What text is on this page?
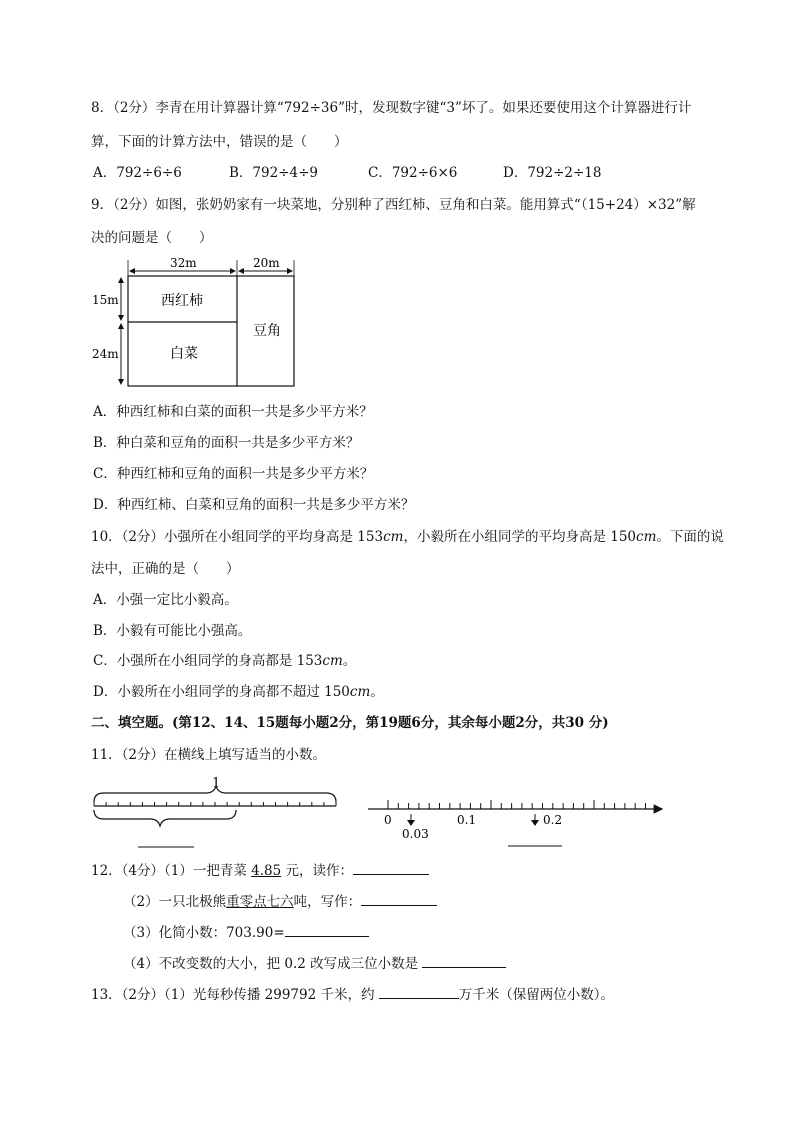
8．（2分）李青在用计算器计算“792÷36”时，发现数字键“3”坏了。如果还要使用这个计算器进行计
算，下面的计算方法中，错误的是（　　）
A．792÷6÷6	B．792÷4÷9	C．792÷6×6	D．792÷2÷18
9．（2分）如图，张奶奶家有一块菜地，分别种了西红柿、豆角和白菜。能用算式“（15+24）×32”解
决的问题是（　　）
32m	20m
15m
24m
西红柿
白菜
豆角
A．种西红柿和白菜的面积一共是多少平方米？
B．种白菜和豆角的面积一共是多少平方米？
C．种西红柿和豆角的面积一共是多少平方米？
D．种西红柿、白菜和豆角的面积一共是多少平方米？
10．（2分）小强所在小组同学的平均身高是 153cm，小毅所在小组同学的平均身高是 150cm。下面的说
法中，正确的是（　　）
A．小强一定比小毅高。
B．小毅有可能比小强高。
C．小强所在小组同学的身高都是 153cm。
D．小毅所在小组同学的身高都不超过 150cm。
二、填空题。(第12、14、15题每小题2分，第19题6分，其余每小题2分，共30 分)
11．（2分）在横线上填写适当的小数。
1
0	0.1	0.2
0.03
12．（4分）（1）一把青菜 4.85 元，读作：
（2）一只北极熊重零点七六吨，写作：
（3）化简小数：703.90=
（4）不改变数的大小，把 0.2 改写成三位小数是
13．（2分）（1）光每秒传播 299792 千米，约	万千米（保留两位小数）。
